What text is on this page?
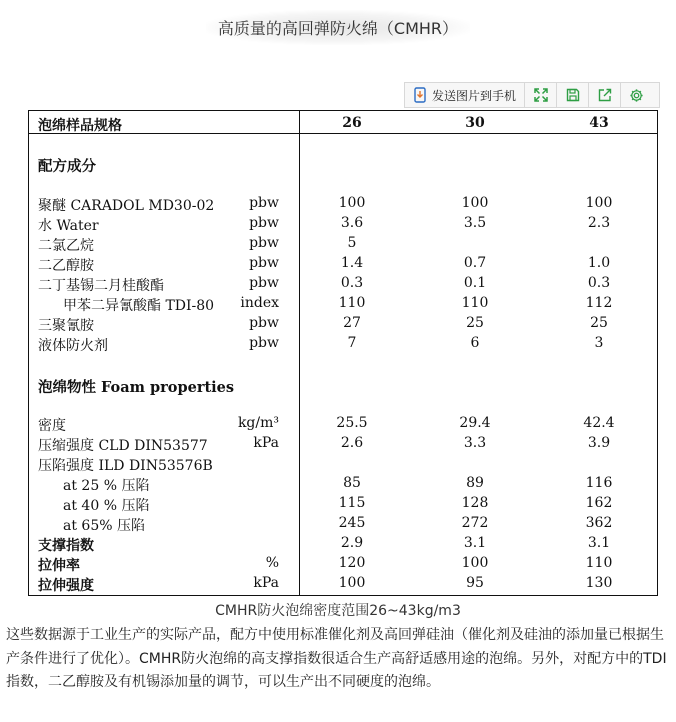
高质量的高回弹防火绵（CMHR）
发送图片到手机
泡绵样品规格	26	30	43
配方成分
聚醚 CARADOL MD30-02 pbw	100	100	100
水 Water	pbw	3.6	3.5	2.3
二氯乙烷	pbw	5
二乙醇胺	pbw	1.4	0.7	1.0
二丁基锡二月桂酸酯	pbw	0.3	0.1	0.3
甲苯二异氰酸酯 TDI-80 index	110	110	112
三聚氰胺	pbw	27	25	25
液体防火剂	pbw	7	6	3
泡绵物性 Foam properties
密度	kg/m³	25.5	29.4	42.4
压缩强度 CLD DIN53577	kPa	2.6	3.3	3.9
压陷强度 ILD DIN53576B
at 25 % 压陷	85	89	116
at 40 % 压陷	115	128	162
at 65% 压陷	245	272	362
支撑指数	2.9	3.1	3.1
拉伸率	%	120	100	110
拉伸强度	kPa	100	95	130
CMHR防火泡绵密度范围26~43kg/m3

这些数据源于工业生产的实际产品，配方中使用标准催化剂及高回弹硅油（催化剂及硅油的添加量已根据生产条件进行了优化）。CMHR防火泡绵的高支撑指数很适合生产高舒适感用途的泡绵。另外，对配方中的TDI指数，二乙醇胺及有机锡添加量的调节，可以生产出不同硬度的泡绵。
